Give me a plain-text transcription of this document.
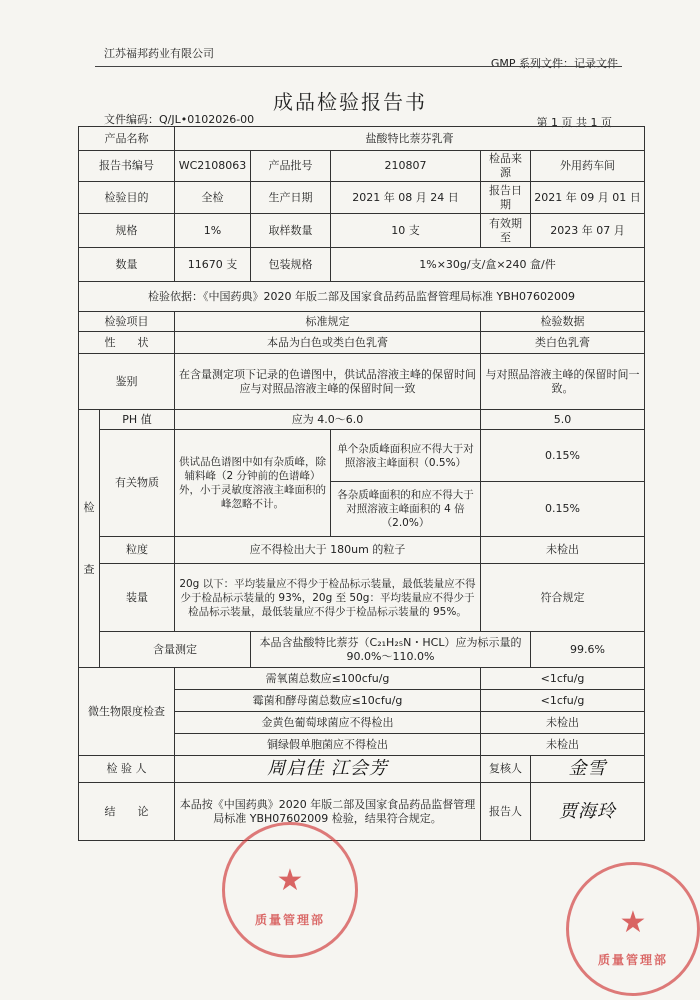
江苏福邦药业有限公司
GMP 系列文件：记录文件
成品检验报告书
文件编码：Q/JL•0102026-00	第 1 页 共 1 页
产品名称		盐酸特比萘芬乳膏				
报告书编号		WC2108063	产品批号	210807	检品来源	外用药车间
检验目的		全检	生产日期	2021 年 08 月 24 日	报告日期	2021 年 09 月 01 日
规格		1%	取样数量	10 支	有效期至	2023 年 07 月
数量		11670 支	包装规格	1%×30g/支/盒×240 盒/件		
检验依据：《中国药典》2020 年版二部及国家食品药品监督管理局标准 YBH07602009						
检验项目		标准规定			检验数据	
性　　状		本品为白色或类白色乳膏			类白色乳膏	
鉴别		在含量测定项下记录的色谱图中，供试品溶液主峰的保留时间应与对照品溶液主峰的保留时间一致			与对照品溶液主峰的保留时间一致。	

检
查	PH 值	应为 4.0～6.0			5.0	
	有关物质	供试品色谱图中如有杂质峰，除辅料峰（2 分钟前的色谱峰）外，小于灵敏度溶液主峰面积的峰忽略不计。		单个杂质峰面积应不得大于对照溶液主峰面积（0.5%）	0.15%	
				各杂质峰面积的和应不得大于对照溶液主峰面积的 4 倍（2.0%）	0.15%	
	粒度	应不得检出大于 180um 的粒子			未检出	
	装量	20g 以下：平均装量应不得少于检品标示装量，最低装量应不得少于检品标示装量的 93%，20g 至 50g：平均装量应不得少于检品标示装量，最低装量应不得少于检品标示装量的 95%。			符合规定	
	含量测定		本品含盐酸特比萘芬（C₂₁H₂₅N・HCL）应为标示量的 90.0%～110.0%			99.6%
微生物限度检查		需氧菌总数应≤100cfu/g			<1cfu/g	
		霉菌和酵母菌总数应≤10cfu/g			<1cfu/g	
		金黄色葡萄球菌应不得检出			未检出	
		铜绿假单胞菌应不得检出			未检出	
检 验 人		周启佳 江会芳			复核人	金雪
结　　论		本品按《中国药典》2020 年版二部及国家食品药品监督管理局标准 YBH07602009 检验，结果符合规定。			报告人	贾海玲
★
质量管理部	★
质量管理部
